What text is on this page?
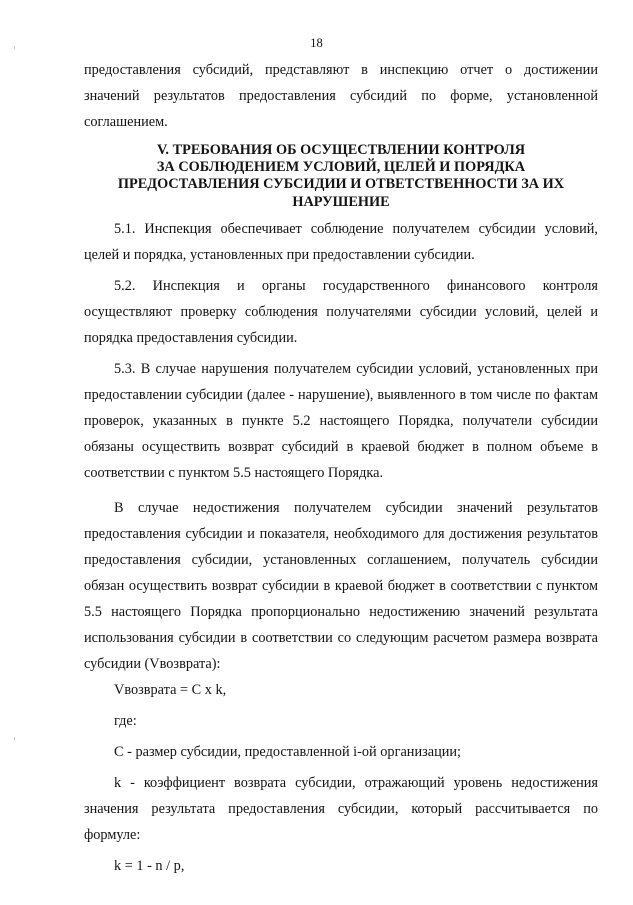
18

предоставления субсидий, представляют в инспекцию отчет о достижении значений результатов предоставления субсидий по форме, установленной соглашением.

V. ТРЕБОВАНИЯ ОБ ОСУЩЕСТВЛЕНИИ КОНТРОЛЯ
ЗА СОБЛЮДЕНИЕМ УСЛОВИЙ, ЦЕЛЕЙ И ПОРЯДКА
ПРЕДОСТАВЛЕНИЯ СУБСИДИИ И ОТВЕТСТВЕННОСТИ ЗА ИХ
НАРУШЕНИЕ

5.1. Инспекция обеспечивает соблюдение получателем субсидии условий, целей и порядка, установленных при предоставлении субсидии.

5.2. Инспекция и органы государственного финансового контроля осуществляют проверку соблюдения получателями субсидии условий, целей и порядка предоставления субсидии.

5.3. В случае нарушения получателем субсидии условий, установленных при предоставлении субсидии (далее - нарушение), выявленного в том числе по фактам проверок, указанных в пункте 5.2 настоящего Порядка, получатели субсидии обязаны осуществить возврат субсидий в краевой бюджет в полном объеме в соответствии с пунктом 5.5 настоящего Порядка.

В случае недостижения получателем субсидии значений результатов предоставления субсидии и показателя, необходимого для достижения результатов предоставления субсидии, установленных соглашением, получатель субсидии обязан осуществить возврат субсидии в краевой бюджет в соответствии с пунктом 5.5 настоящего Порядка пропорционально недостижению значений результата использования субсидии в соответствии со следующим расчетом размера возврата субсидии (Vвозврата):

Vвозврата = C x k,

где:

C - размер субсидии, предоставленной i-ой организации;

k - коэффициент возврата субсидии, отражающий уровень недостижения значения результата предоставления субсидии, который рассчитывается по формуле:

k = 1 - n / p,
